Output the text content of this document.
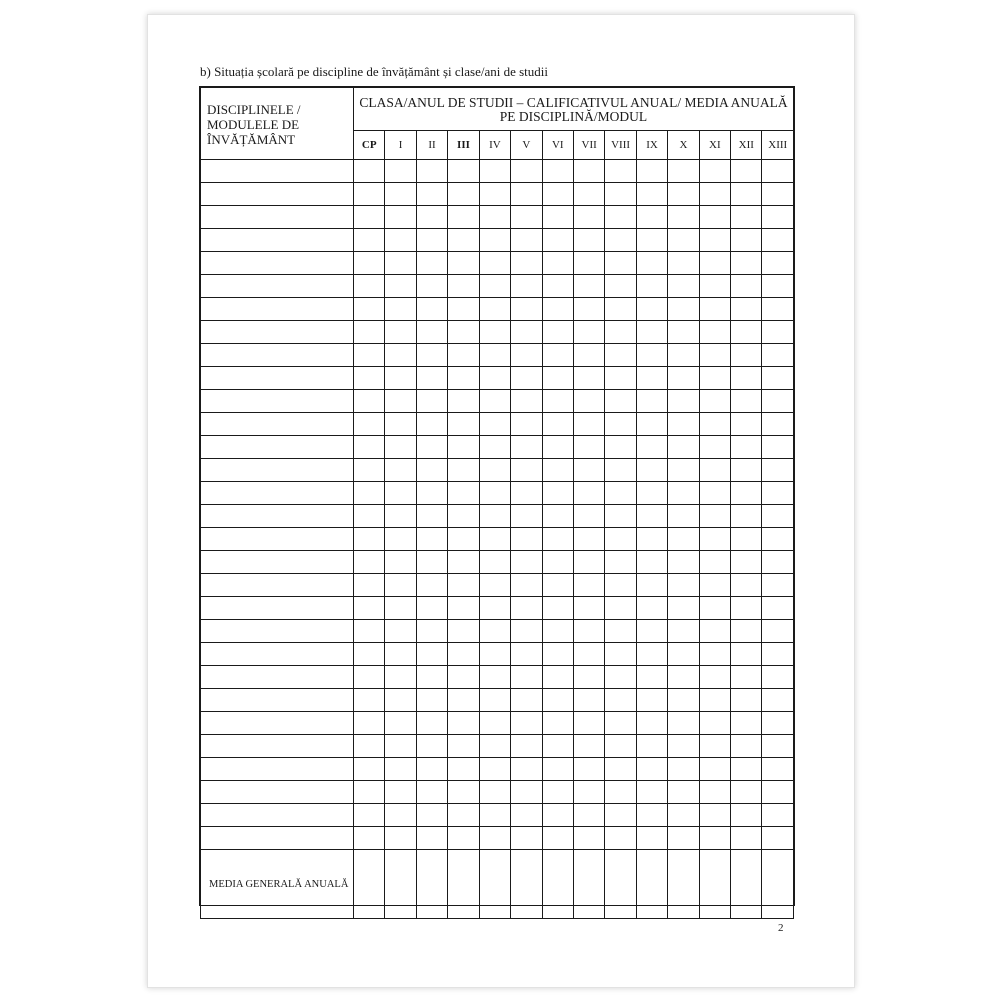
b) Situația școlară pe discipline de învățământ și clase/ani de studii
DISCIPLINELE / MODULELE DE ÎNVĂȚĂMÂNT	CLASA/ANUL DE STUDII – CALIFICATIVUL ANUAL/ MEDIA ANUALĂ PE DISCIPLINĂ/MODUL													
	CP	I	II	III	IV	V	VI	VII	VIII	IX	X	XI	XII	XIII

MEDIA GENERALĂ ANUALĂ														
2
